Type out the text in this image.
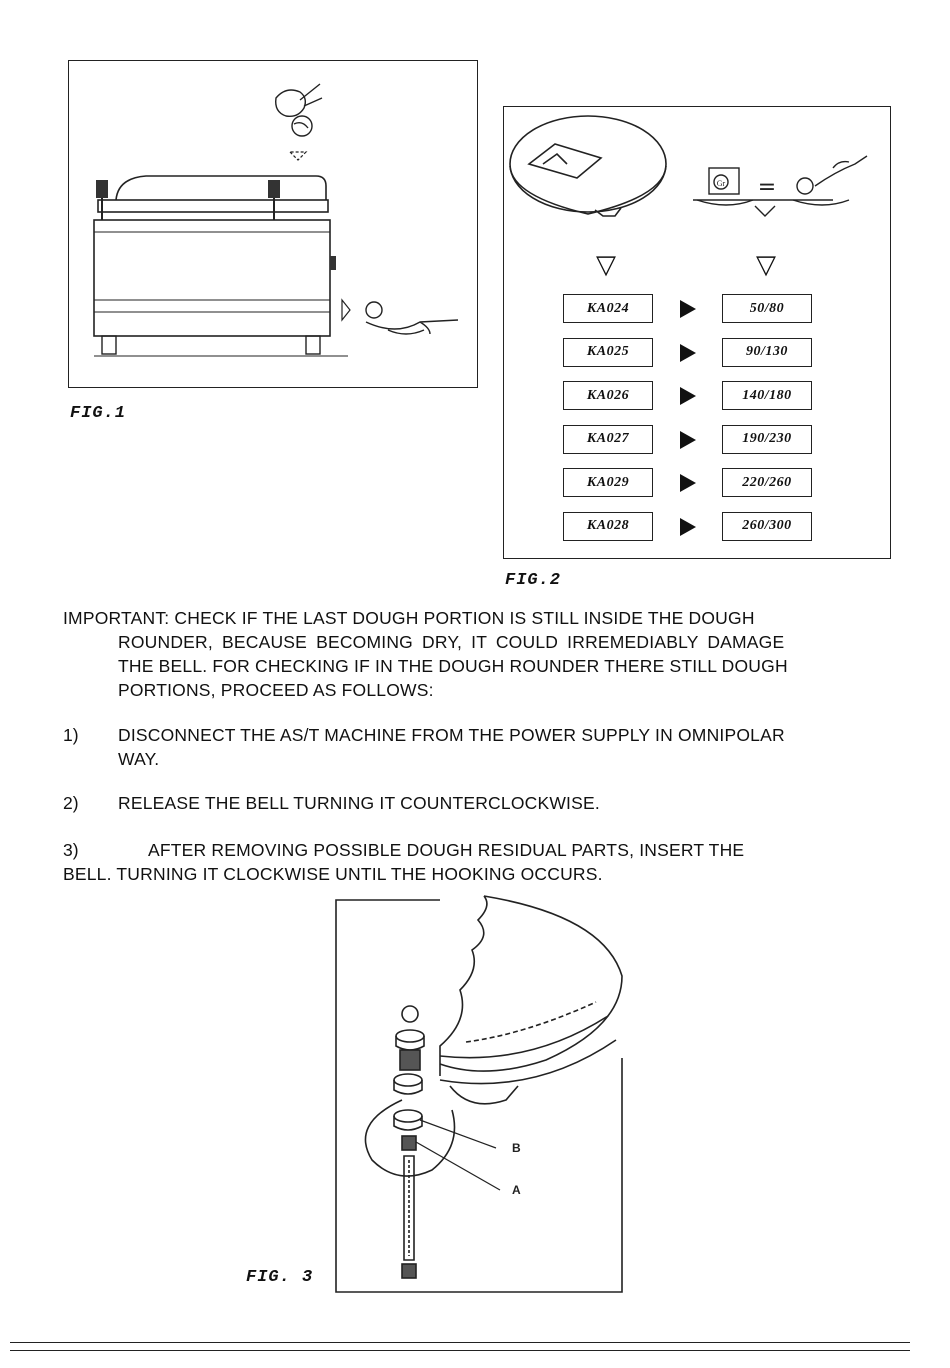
FIG.1
Gr =
▽	▽
KA024	50/80
KA025	90/130
KA026	140/180
KA027	190/230
KA029	220/260
KA028	260/300
FIG.2
IMPORTANT: CHECK IF THE LAST DOUGH PORTION IS STILL INSIDE THE DOUGH
ROUNDER, BECAUSE BECOMING DRY, IT COULD IRREMEDIABLY DAMAGE
THE BELL. FOR CHECKING IF IN THE DOUGH ROUNDER THERE STILL DOUGH
PORTIONS, PROCEED AS FOLLOWS:
1) DISCONNECT THE AS/T MACHINE FROM THE POWER SUPPLY IN OMNIPOLAR
WAY.
2) RELEASE THE BELL TURNING IT COUNTERCLOCKWISE.
3)	AFTER REMOVING POSSIBLE DOUGH RESIDUAL PARTS, INSERT THE
BELL. TURNING IT CLOCKWISE UNTIL THE HOOKING OCCURS.
B
A
FIG. 3
